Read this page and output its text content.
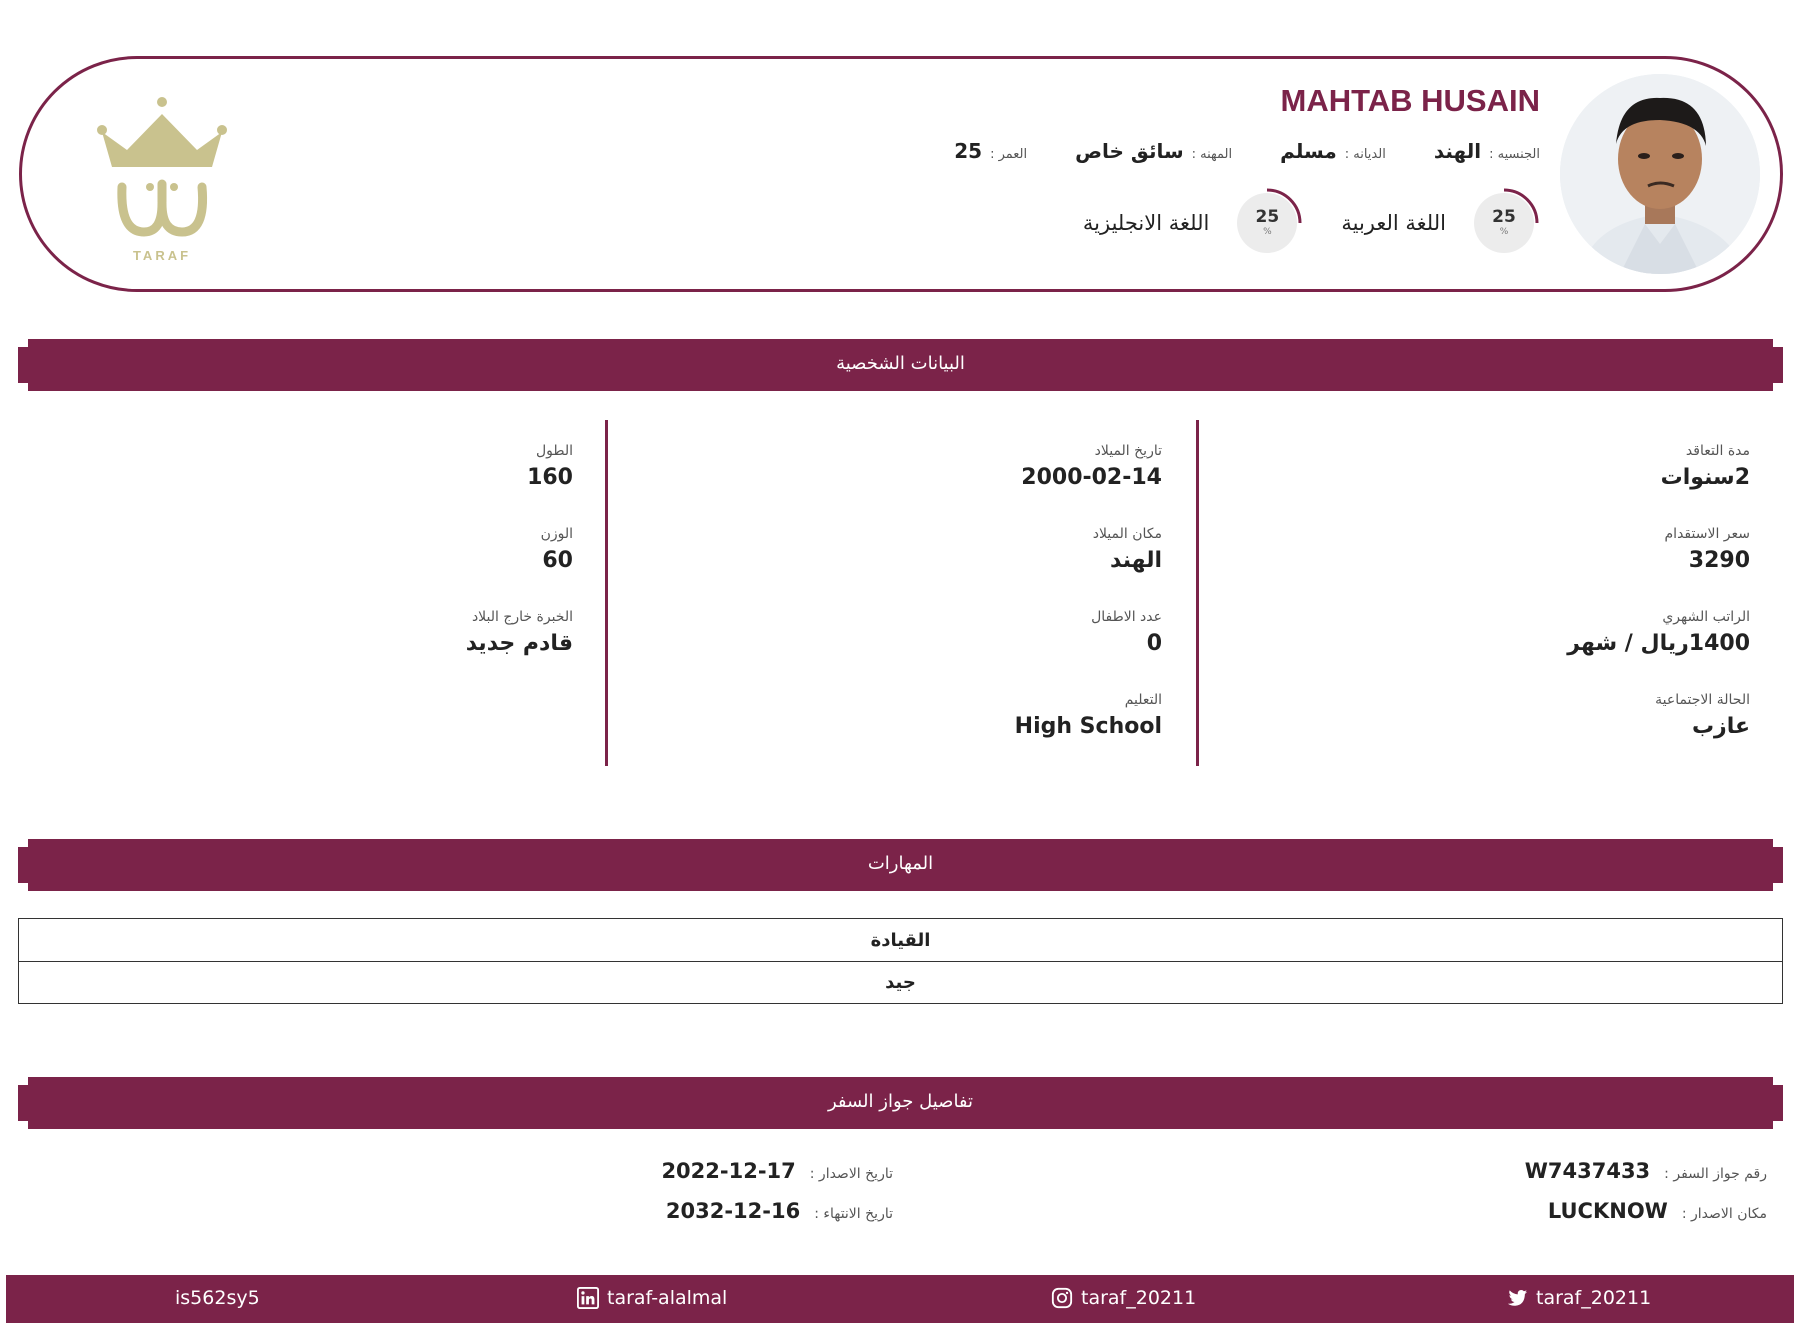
MAHTAB HUSAIN
الجنسيه :
الهند
الديانه :
مسلم
المهنه :
سائق خاص
العمر :
25
25
%
اللغة العربية
25
%
اللغة الانجليزية
TARAF
البيانات الشخصية
مدة التعاقد
2سنوات
سعر الاستقدام
3290
الراتب الشهري
1400ريال / شهر
الحالة الاجتماعية
عازب
تاريخ الميلاد
2000-02-14
مكان الميلاد
الهند
عدد الاطفال
0
التعليم
High School
الطول
160
الوزن
60
الخبرة خارج البلاد
قادم جديد
المهارات
القيادة
جيد
تفاصيل جواز السفر
رقم جواز السفر :
W7437433
مكان الاصدار :
LUCKNOW
تاريخ الاصدار :
2022-12-17
تاريخ الانتهاء :
2032-12-16
is562sy5	taraf-alalmal	taraf_20211	taraf_20211
